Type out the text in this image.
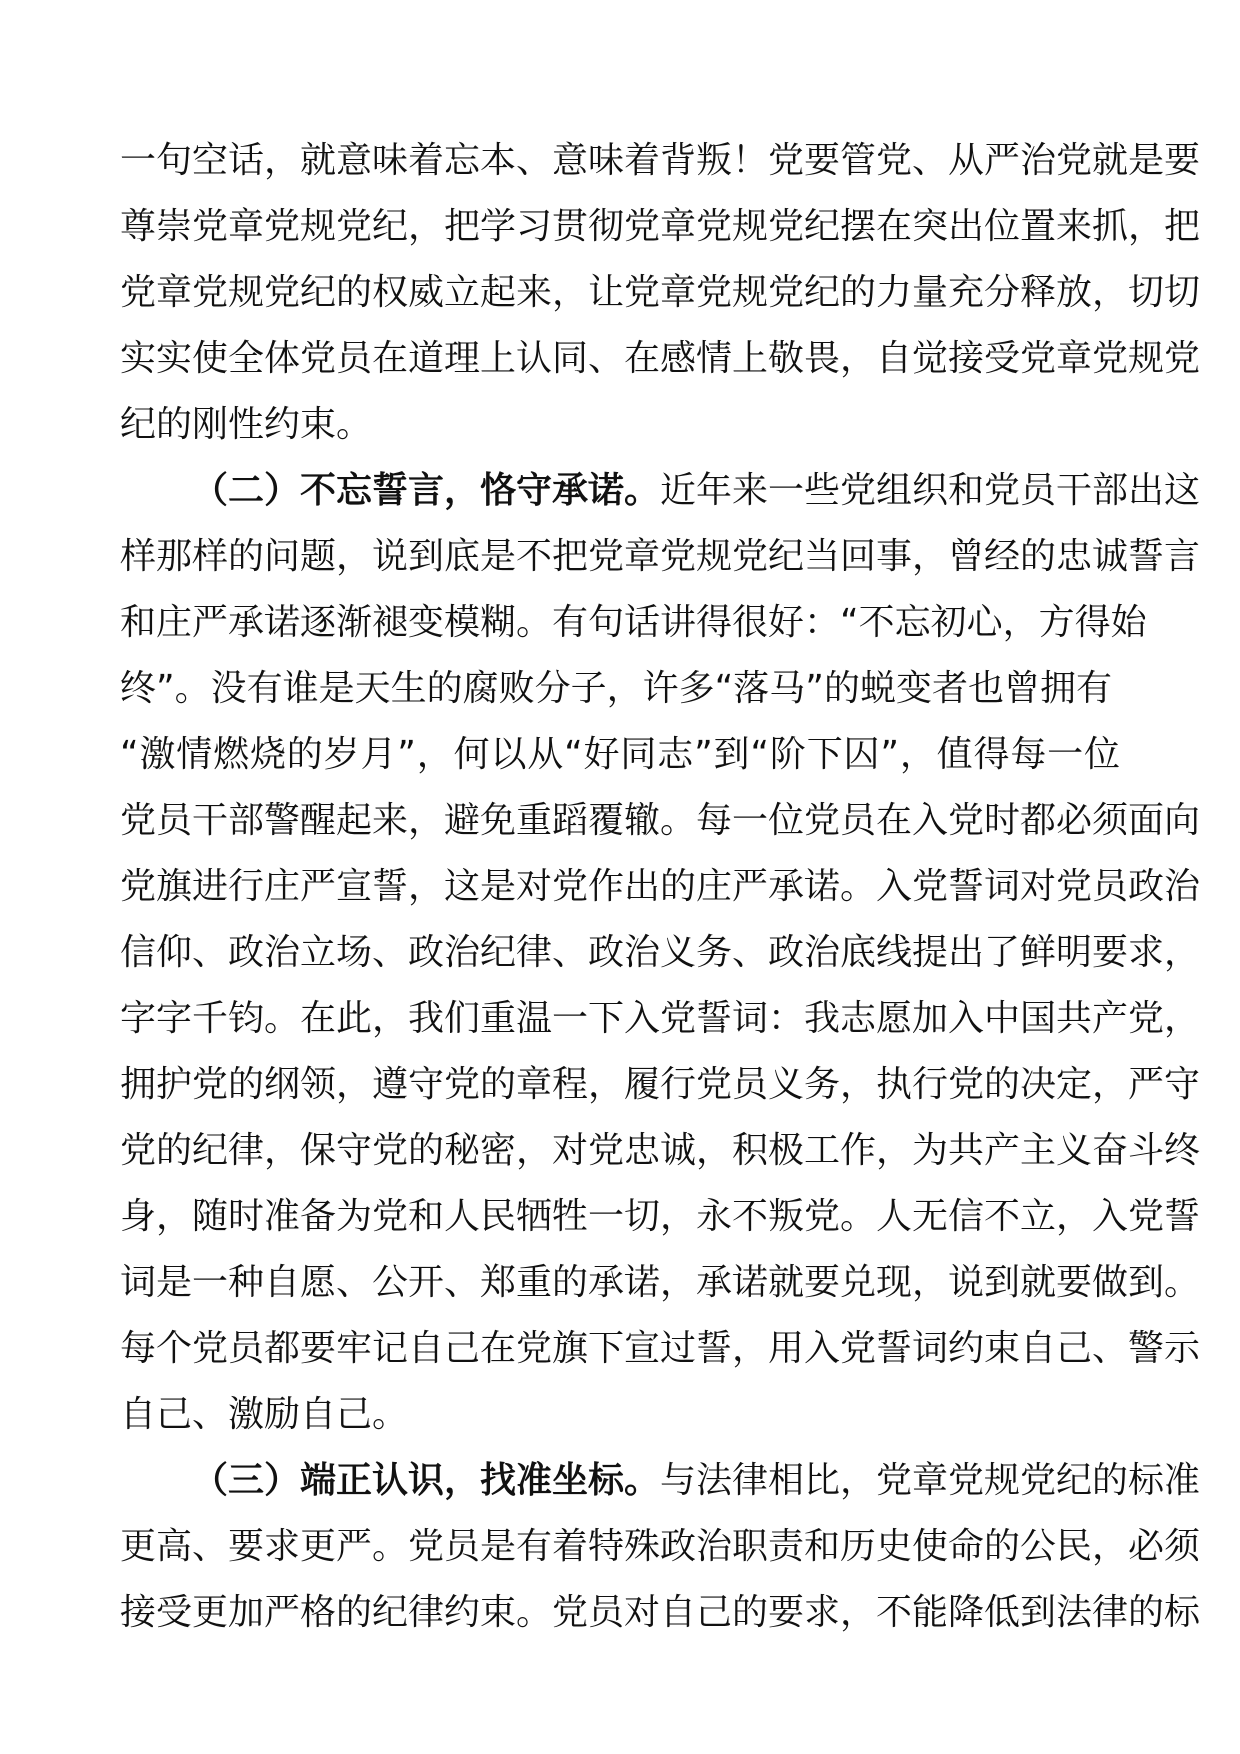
一句空话，就意味着忘本、意味着背叛！党要管党、从严治党就是要
尊崇党章党规党纪，把学习贯彻党章党规党纪摆在突出位置来抓，把
党章党规党纪的权威立起来，让党章党规党纪的力量充分释放，切切
实实使全体党员在道理上认同、在感情上敬畏，自觉接受党章党规党
纪的刚性约束。
（二）不忘誓言，恪守承诺。近年来一些党组织和党员干部出这
样那样的问题，说到底是不把党章党规党纪当回事，曾经的忠诚誓言
和庄严承诺逐渐褪变模糊。有句话讲得很好：“不忘初心，方得始
终”。没有谁是天生的腐败分子，许多“落马”的蜕变者也曾拥有
“激情燃烧的岁月”，何以从“好同志”到“阶下囚”，值得每一位
党员干部警醒起来，避免重蹈覆辙。每一位党员在入党时都必须面向
党旗进行庄严宣誓，这是对党作出的庄严承诺。入党誓词对党员政治
信仰、政治立场、政治纪律、政治义务、政治底线提出了鲜明要求，
字字千钧。在此，我们重温一下入党誓词：我志愿加入中国共产党，
拥护党的纲领，遵守党的章程，履行党员义务，执行党的决定，严守
党的纪律，保守党的秘密，对党忠诚，积极工作，为共产主义奋斗终
身，随时准备为党和人民牺牲一切，永不叛党。人无信不立，入党誓
词是一种自愿、公开、郑重的承诺，承诺就要兑现，说到就要做到。
每个党员都要牢记自己在党旗下宣过誓，用入党誓词约束自己、警示
自己、激励自己。
（三）端正认识，找准坐标。与法律相比，党章党规党纪的标准
更高、要求更严。党员是有着特殊政治职责和历史使命的公民，必须
接受更加严格的纪律约束。党员对自己的要求，不能降低到法律的标
